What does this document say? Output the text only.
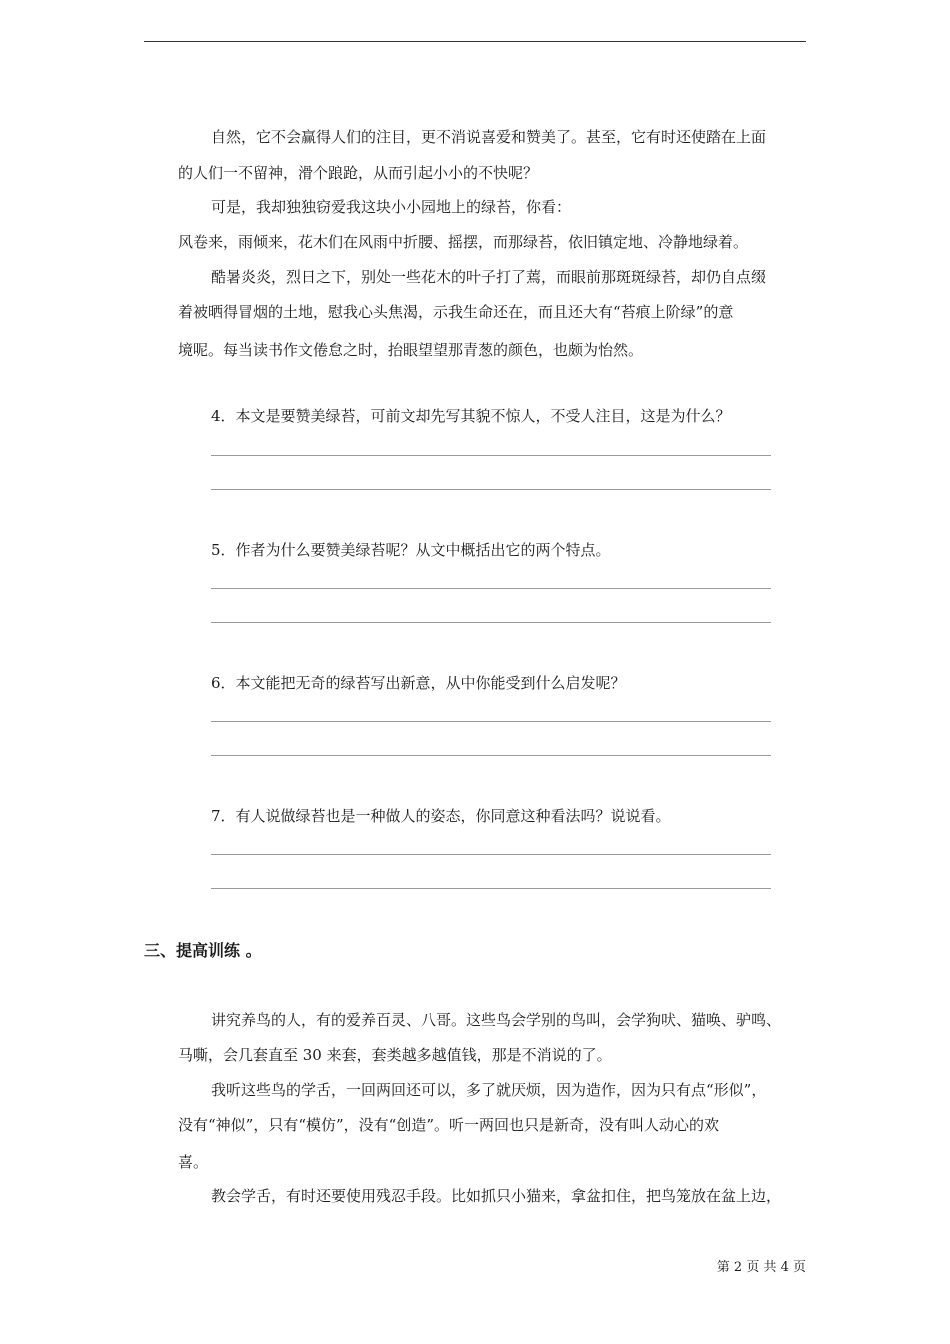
自然，它不会赢得人们的注目，更不消说喜爱和赞美了。甚至，它有时还使踏在上面
的人们一不留神，滑个踉跄，从而引起小小的不快呢？
可是，我却独独窃爱我这块小小园地上的绿苔，你看：
风卷来，雨倾来，花木们在风雨中折腰、摇摆，而那绿苔，依旧镇定地、冷静地绿着。
酷暑炎炎，烈日之下，别处一些花木的叶子打了蔫，而眼前那斑斑绿苔，却仍自点缀
着被晒得冒烟的土地，慰我心头焦渴，示我生命还在，而且还大有“苔痕上阶绿”的意
境呢。每当读书作文倦怠之时，抬眼望望那青葱的颜色，也颇为怡然。
4．本文是要赞美绿苔，可前文却先写其貌不惊人，不受人注目，这是为什么？
5．作者为什么要赞美绿苔呢？从文中概括出它的两个特点。
6．本文能把无奇的绿苔写出新意，从中你能受到什么启发呢？
7．有人说做绿苔也是一种做人的姿态，你同意这种看法吗？说说看。
三、提高训练 。
讲究养鸟的人，有的爱养百灵、八哥。这些鸟会学别的鸟叫，会学狗吠、猫唤、驴鸣、
马嘶，会几套直至 30 来套，套类越多越值钱，那是不消说的了。
我听这些鸟的学舌，一回两回还可以，多了就厌烦，因为造作，因为只有点“形似”，
没有“神似”，只有“模仿”，没有“创造”。听一两回也只是新奇，没有叫人动心的欢
喜。
教会学舌，有时还要使用残忍手段。比如抓只小猫来，拿盆扣住，把鸟笼放在盆上边，
第 2 页 共 4 页
